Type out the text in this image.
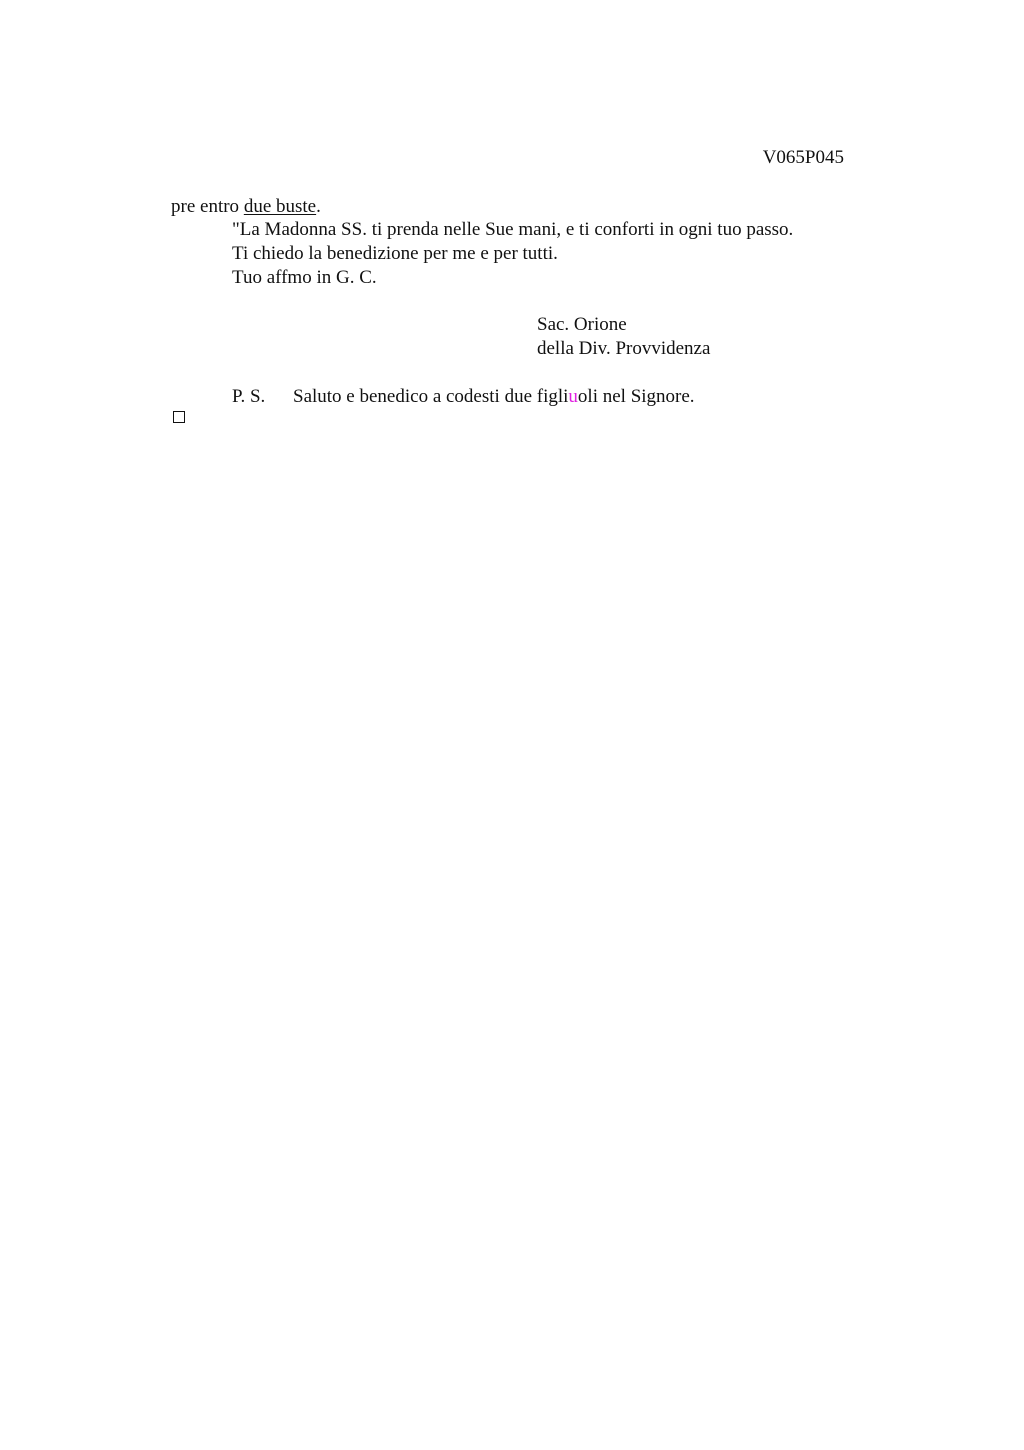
V065P045
pre entro due buste.
"La Madonna SS. ti prenda nelle Sue mani, e ti conforti in ogni tuo passo.
Ti chiedo la benedizione per me e per tutti.
Tuo affmo in G. C.
Sac. Orione
della Div. Provvidenza
P. S. Saluto e benedico a codesti due figliuoli nel Signore.
